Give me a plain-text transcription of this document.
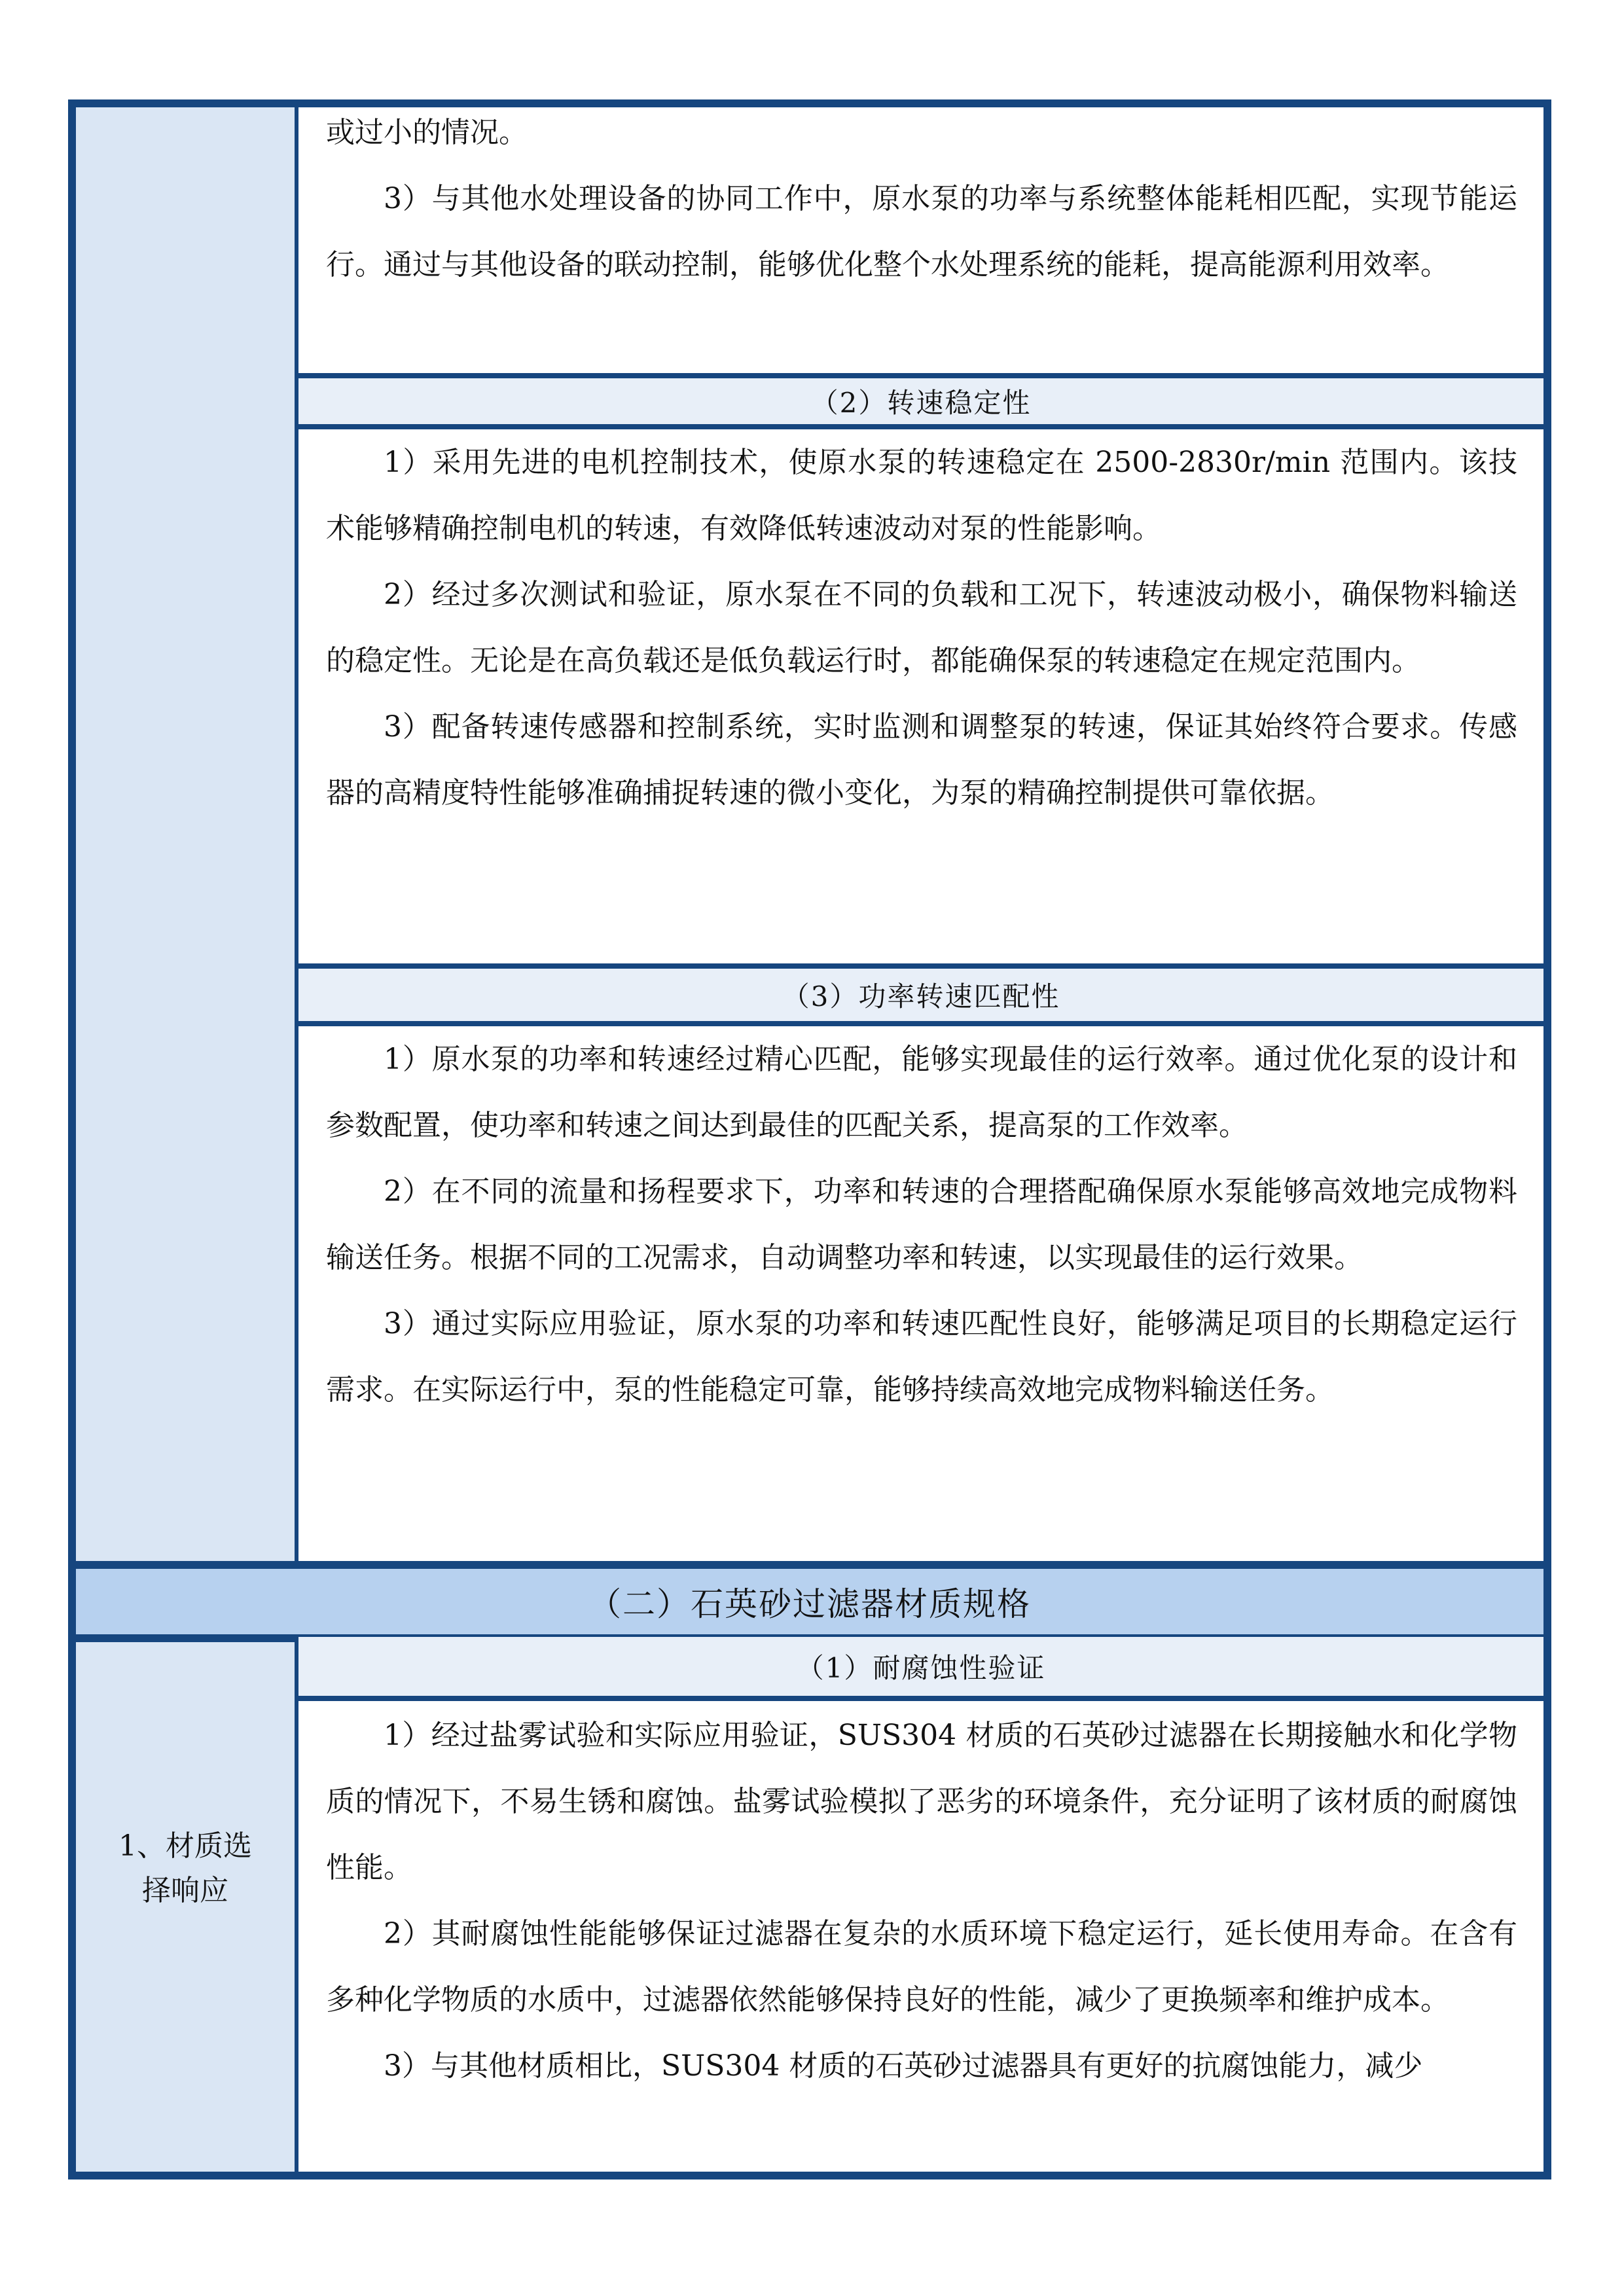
或过小的情况。

3）与其他水处理设备的协同工作中，原水泵的功率与系统整体能耗相匹配，实现节能运行。通过与其他设备的联动控制，能够优化整个水处理系统的能耗，提高能源利用效率。

（2）转速稳定性

1）采用先进的电机控制技术，使原水泵的转速稳定在 2500-2830r/min 范围内。该技术能够精确控制电机的转速，有效降低转速波动对泵的性能影响。

2）经过多次测试和验证，原水泵在不同的负载和工况下，转速波动极小，确保物料输送的稳定性。无论是在高负载还是低负载运行时，都能确保泵的转速稳定在规定范围内。

3）配备转速传感器和控制系统，实时监测和调整泵的转速，保证其始终符合要求。传感器的高精度特性能够准确捕捉转速的微小变化，为泵的精确控制提供可靠依据。

（3）功率转速匹配性

1）原水泵的功率和转速经过精心匹配，能够实现最佳的运行效率。通过优化泵的设计和参数配置，使功率和转速之间达到最佳的匹配关系，提高泵的工作效率。

2）在不同的流量和扬程要求下，功率和转速的合理搭配确保原水泵能够高效地完成物料输送任务。根据不同的工况需求，自动调整功率和转速，以实现最佳的运行效果。

3）通过实际应用验证，原水泵的功率和转速匹配性良好，能够满足项目的长期稳定运行需求。在实际运行中，泵的性能稳定可靠，能够持续高效地完成物料输送任务。

（二）石英砂过滤器材质规格
1、材质选
择响应
（1）耐腐蚀性验证

1）经过盐雾试验和实际应用验证，SUS304 材质的石英砂过滤器在长期接触水和化学物质的情况下，不易生锈和腐蚀。盐雾试验模拟了恶劣的环境条件，充分证明了该材质的耐腐蚀性能。

2）其耐腐蚀性能能够保证过滤器在复杂的水质环境下稳定运行，延长使用寿命。在含有多种化学物质的水质中，过滤器依然能够保持良好的性能，减少了更换频率和维护成本。

3）与其他材质相比，SUS304 材质的石英砂过滤器具有更好的抗腐蚀能力，减少
